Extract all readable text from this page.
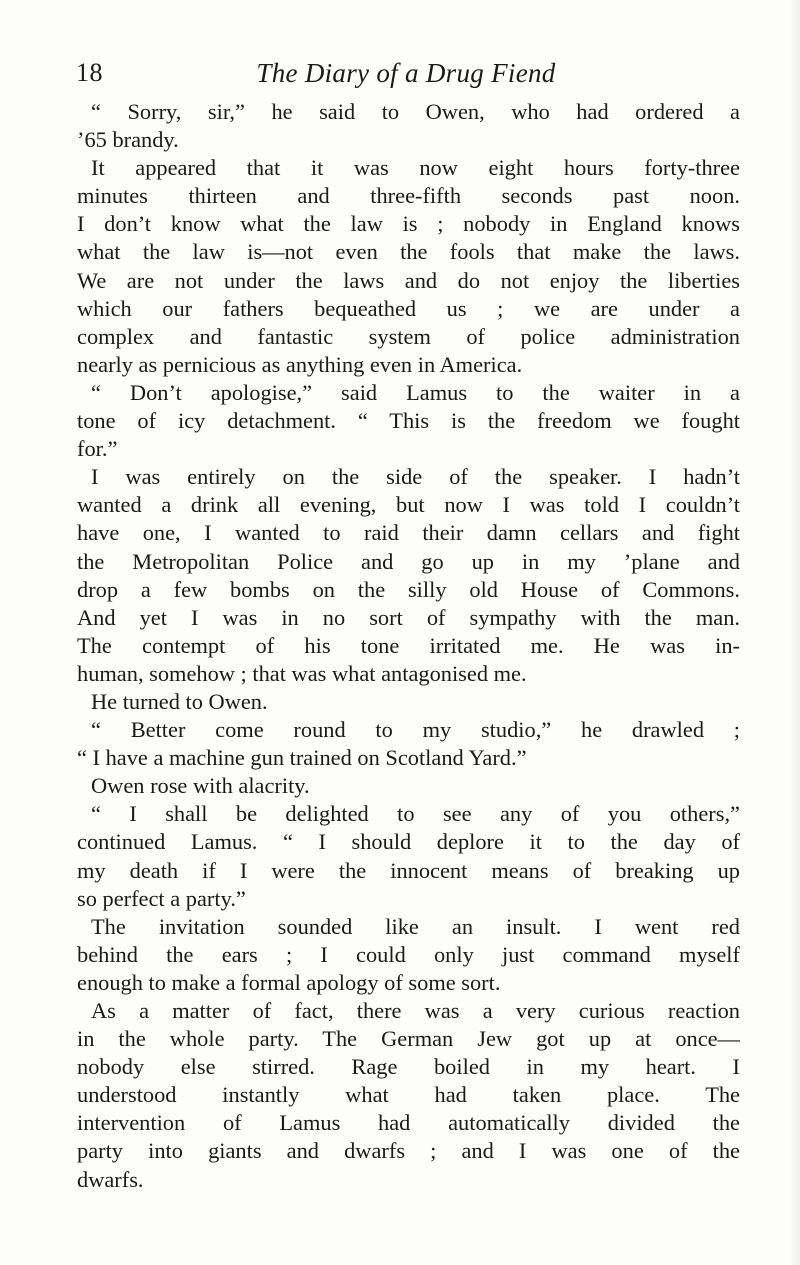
18	The Diary of a Drug Fiend
“ Sorry, sir,” he said to Owen, who had ordered a
’65 brandy.
It appeared that it was now eight hours forty-three
minutes thirteen and three-fifth seconds past noon.
I don’t know what the law is ; nobody in England knows
what the law is—not even the fools that make the laws.
We are not under the laws and do not enjoy the liberties
which our fathers bequeathed us ; we are under a
complex and fantastic system of police administration
nearly as pernicious as anything even in America.
“ Don’t apologise,” said Lamus to the waiter in a
tone of icy detachment. “ This is the freedom we fought
for.”
I was entirely on the side of the speaker. I hadn’t
wanted a drink all evening, but now I was told I couldn’t
have one, I wanted to raid their damn cellars and fight
the Metropolitan Police and go up in my ’plane and
drop a few bombs on the silly old House of Commons.
And yet I was in no sort of sympathy with the man.
The contempt of his tone irritated me. He was in-
human, somehow ; that was what antagonised me.
He turned to Owen.
“ Better come round to my studio,” he drawled ;
“ I have a machine gun trained on Scotland Yard.”
Owen rose with alacrity.
“ I shall be delighted to see any of you others,”
continued Lamus. “ I should deplore it to the day of
my death if I were the innocent means of breaking up
so perfect a party.”
The invitation sounded like an insult. I went red
behind the ears ; I could only just command myself
enough to make a formal apology of some sort.
As a matter of fact, there was a very curious reaction
in the whole party. The German Jew got up at once—
nobody else stirred. Rage boiled in my heart. I
understood instantly what had taken place. The
intervention of Lamus had automatically divided the
party into giants and dwarfs ; and I was one of the
dwarfs.
